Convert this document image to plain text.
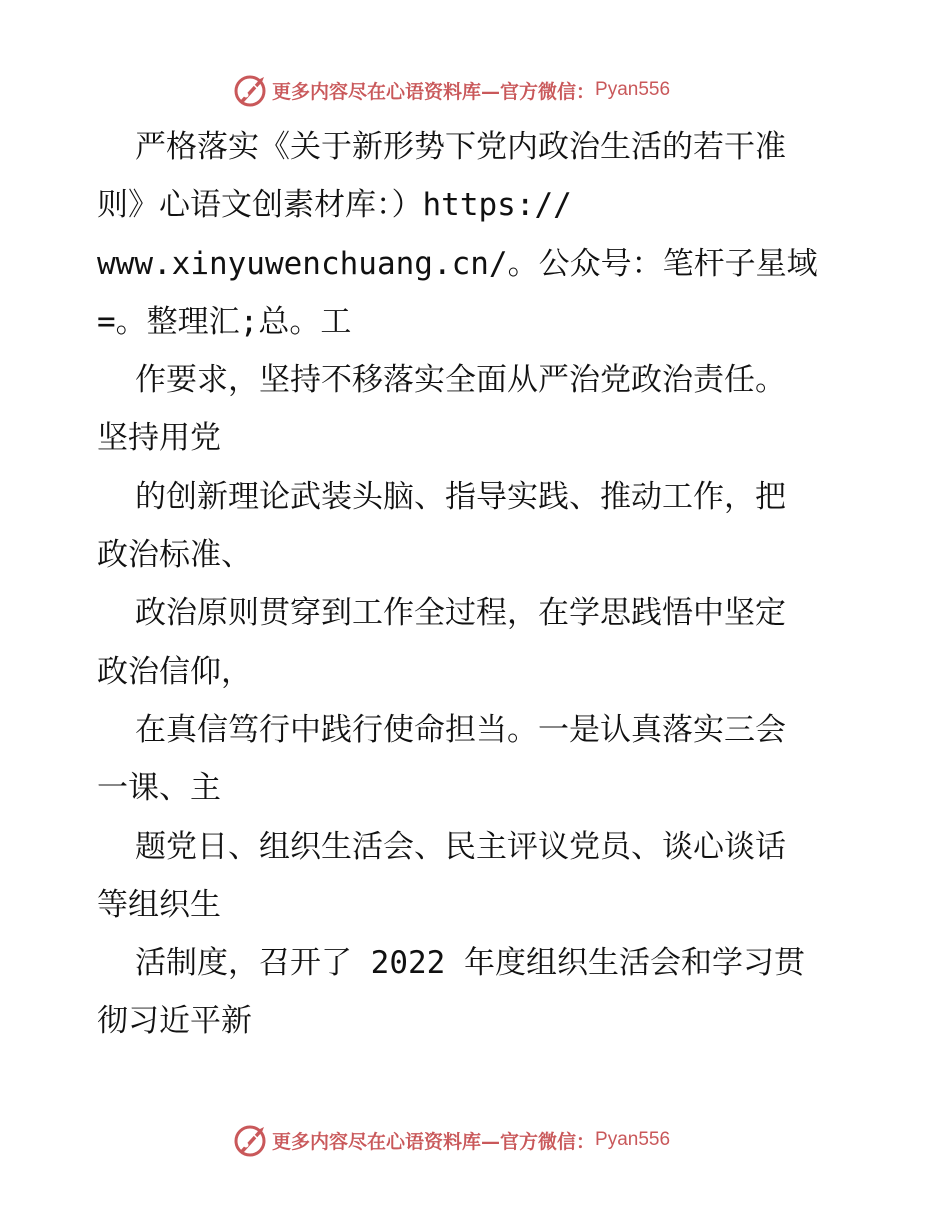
更多内容尽在心语资料库—官方微信： Pyan556
严格落实《关于新形势下党内政治生活的若干准
则》心语文创素材库：）https://
www.xinyuwenchuang.cn/。公众号：笔杆子星域
=。整理汇;总。工
作要求，坚持不移落实全面从严治党政治责任。
坚持用党
的创新理论武装头脑、指导实践、推动工作，把
政治标准、
政治原则贯穿到工作全过程，在学思践悟中坚定
政治信仰，
在真信笃行中践行使命担当。一是认真落实三会
一课、主
题党日、组织生活会、民主评议党员、谈心谈话
等组织生
活制度，召开了 2022 年度组织生活会和学习贯
彻习近平新
更多内容尽在心语资料库—官方微信： Pyan556
